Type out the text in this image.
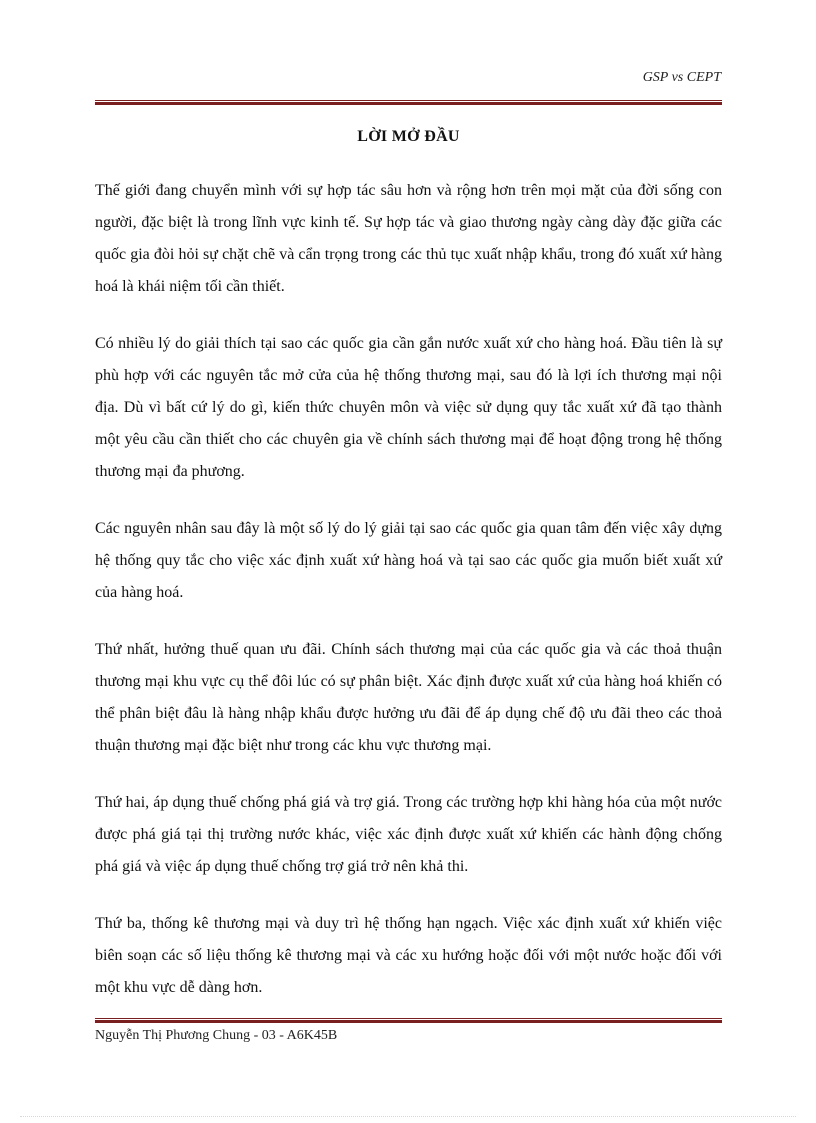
GSP vs CEPT
LỜI MỞ ĐẦU

Thế giới đang chuyển mình với sự hợp tác sâu hơn và rộng hơn trên mọi mặt của đời sống con người, đặc biệt là trong lĩnh vực kinh tế. Sự hợp tác và giao thương ngày càng dày đặc giữa các quốc gia đòi hỏi sự chặt chẽ và cẩn trọng trong các thủ tục xuất nhập khẩu, trong đó xuất xứ hàng hoá là khái niệm tối cần thiết.

Có nhiều lý do giải thích tại sao các quốc gia cần gắn nước xuất xứ cho hàng hoá. Đầu tiên là sự phù hợp với các nguyên tắc mở cửa của hệ thống thương mại, sau đó là lợi ích thương mại nội địa. Dù vì bất cứ lý do gì, kiến thức chuyên môn và việc sử dụng quy tắc xuất xứ đã tạo thành một yêu cầu cần thiết cho các chuyên gia về chính sách thương mại để hoạt động trong hệ thống thương mại đa phương.

Các nguyên nhân sau đây là một số lý do lý giải tại sao các quốc gia quan tâm đến việc xây dựng hệ thống quy tắc cho việc xác định xuất xứ hàng hoá và tại sao các quốc gia muốn biết xuất xứ của hàng hoá.

Thứ nhất, hưởng thuế quan ưu đãi. Chính sách thương mại của các quốc gia và các thoả thuận thương mại khu vực cụ thể đôi lúc có sự phân biệt. Xác định được xuất xứ của hàng hoá khiến có thể phân biệt đâu là hàng nhập khẩu được hưởng ưu đãi để áp dụng chế độ ưu đãi theo các thoả thuận thương mại đặc biệt như trong các khu vực thương mại.

Thứ hai, áp dụng thuế chống phá giá và trợ giá. Trong các trường hợp khi hàng hóa của một nước được phá giá tại thị trường nước khác, việc xác định được xuất xứ khiến các hành động chống phá giá và việc áp dụng thuế chống trợ giá trở nên khả thi.

Thứ ba, thống kê thương mại và duy trì hệ thống hạn ngạch. Việc xác định xuất xứ khiến việc biên soạn các số liệu thống kê thương mại và các xu hướng hoặc đối với một nước hoặc đối với một khu vực dễ dàng hơn.

Nguyễn Thị Phương Chung - 03 - A6K45B
